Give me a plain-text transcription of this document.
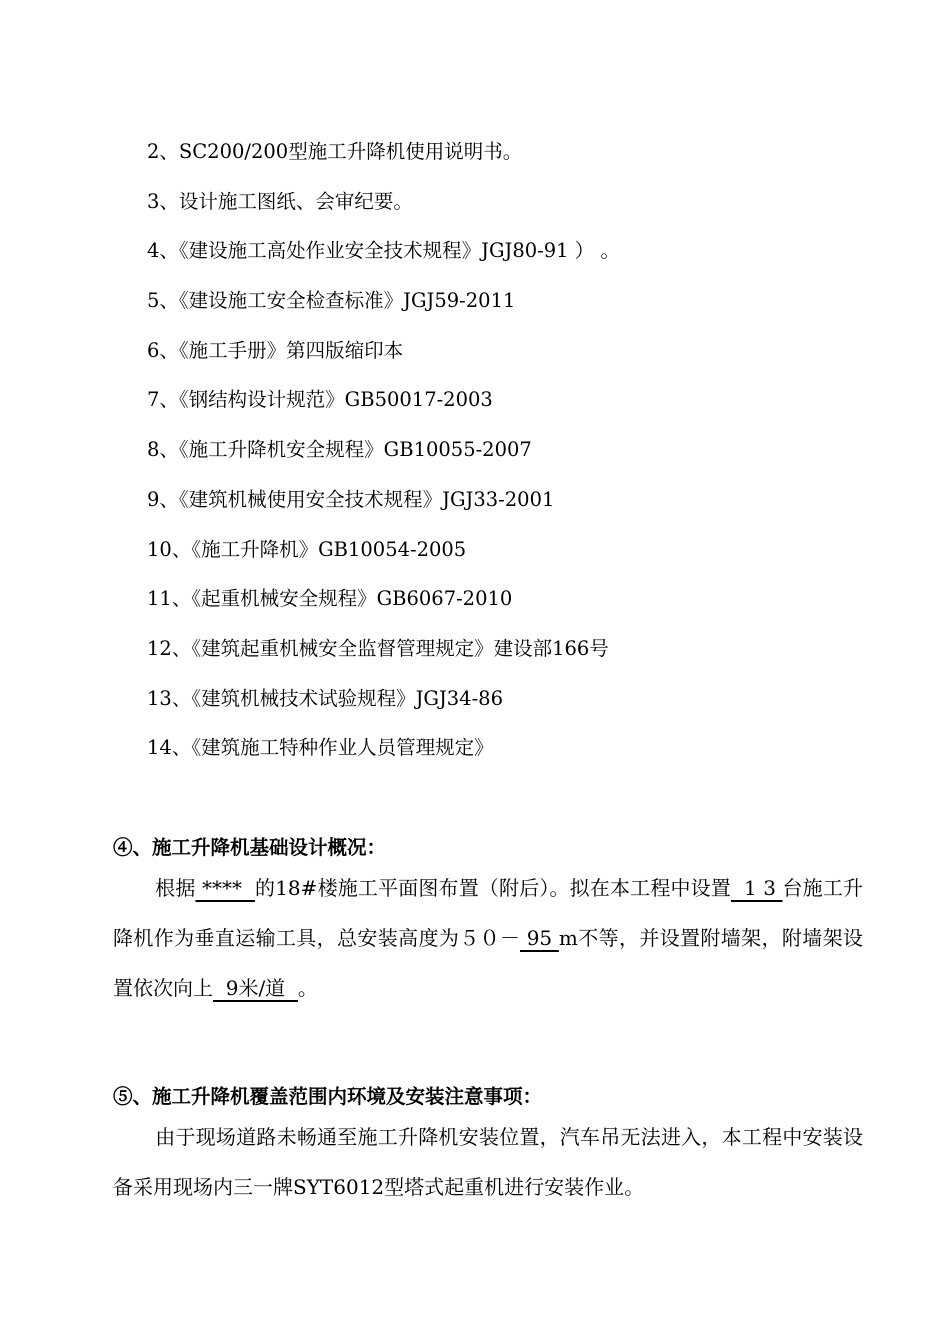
2、SC200/200型施工升降机使用说明书。
3、设计施工图纸、会审纪要。
4、《建设施工高处作业安全技术规程》JGJ80-91 ） 。
5、《建设施工安全检查标准》JGJ59-2011
6、《施工手册》第四版缩印本
7、《钢结构设计规范》GB50017-2003
8、《施工升降机安全规程》GB10055-2007
9、《建筑机械使用安全技术规程》JGJ33-2001
10、《施工升降机》GB10054-2005
11、《起重机械安全规程》GB6067-2010
12、《建筑起重机械安全监督管理规定》建设部166号
13、《建筑机械技术试验规程》JGJ34-86
14、《建筑施工特种作业人员管理规定》
④、施工升降机基础设计概况：

根据 ****  的18#楼施工平面图布置（附后）。拟在本工程中设置  1 3 台施工升降机作为垂直运输工具，总安装高度为５０－ 95 m不等，并设置附墙架，附墙架设置依次向上  9米/道  。

⑤、施工升降机覆盖范围内环境及安装注意事项：

由于现场道路未畅通至施工升降机安装位置，汽车吊无法进入，本工程中安装设备采用现场内三一牌SYT6012型塔式起重机进行安装作业。
